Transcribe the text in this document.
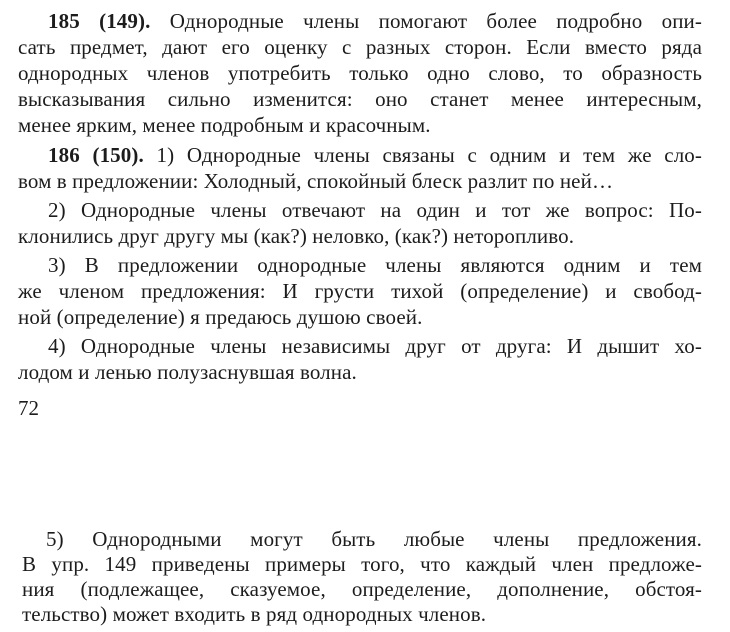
185 (149). Однородные члены помогают более подробно опи-
сать предмет, дают его оценку с разных сторон. Если вместо ряда
однородных членов употребить только одно слово, то образность
высказывания сильно изменится: оно станет менее интересным,
менее ярким, менее подробным и красочным.
186 (150). 1) Однородные члены связаны с одним и тем же сло-
вом в предложении: Холодный, спокойный блеск разлит по ней…
2) Однородные члены отвечают на один и тот же вопрос: По-
клонились друг другу мы (как?) неловко, (как?) неторопливо.
3) В предложении однородные члены являются одним и тем
же членом предложения: И грусти тихой (определение) и свобод-
ной (определение) я предаюсь душою своей.
4) Однородные члены независимы друг от друга: И дышит хо-
лодом и ленью полузаснувшая волна.
72
5) Однородными могут быть любые члены предложения.
В упр. 149 приведены примеры того, что каждый член предложе-
ния (подлежащее, сказуемое, определение, дополнение, обстоя-
тельство) может входить в ряд однородных членов.
